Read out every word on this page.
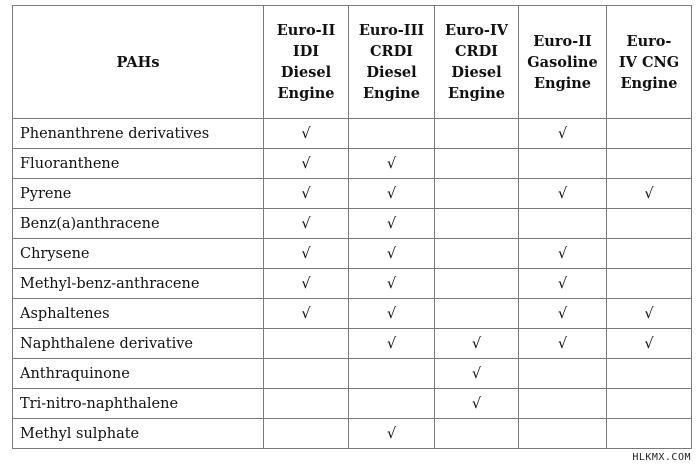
PAHs	Euro-II
IDI
Diesel
Engine	Euro-III
CRDI
Diesel
Engine	Euro-IV
CRDI
Diesel
Engine	Euro-II
Gasoline
Engine	Euro-
IV CNG
Engine
Phenanthrene derivatives	√			√	
Fluoranthene	√	√			
Pyrene	√	√		√	√
Benz(a)anthracene	√	√			
Chrysene	√	√		√	
Methyl-benz-anthracene	√	√		√	
Asphaltenes	√	√		√	√
Naphthalene derivative		√	√	√	√
Anthraquinone			√		
Tri-nitro-naphthalene			√		
Methyl sulphate		√			
HLKMX.COM
